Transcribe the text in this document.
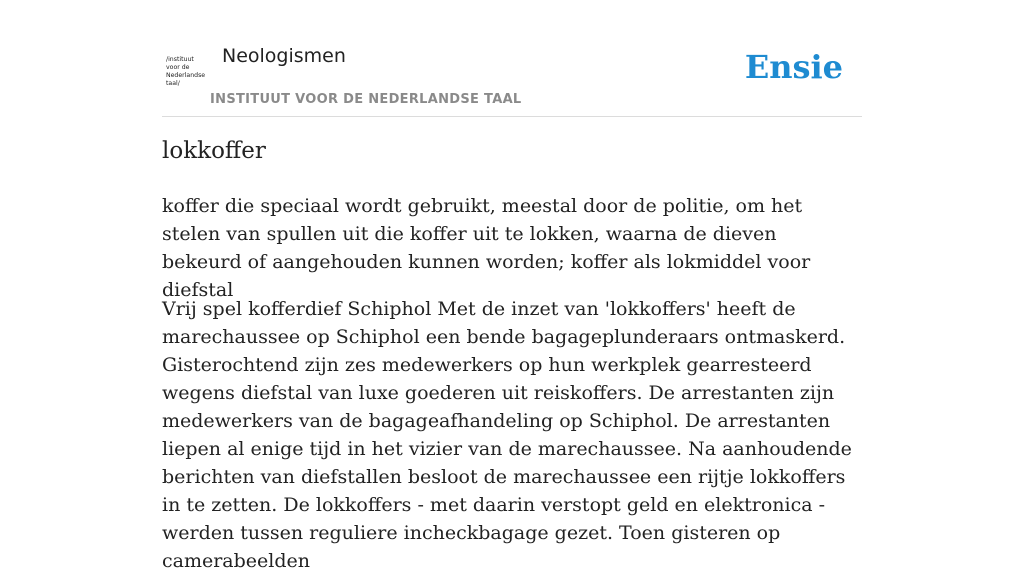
/instituut
voor de
Nederlandse
taal/
Neologismen
INSTITUUT VOOR DE NEDERLANDSE TAAL
Ensie
lokkoffer

koffer die speciaal wordt gebruikt, meestal door de politie, om het stelen van spullen uit die koffer uit te lokken, waarna de dieven bekeurd of aangehouden kunnen worden; koffer als lokmiddel voor diefstal

Vrij spel kofferdief Schiphol Met de inzet van 'lokkoffers' heeft de marechaussee op Schiphol een bende bagageplunderaars ontmaskerd. Gisterochtend zijn zes medewerkers op hun werkplek gearresteerd wegens diefstal van luxe goederen uit reiskoffers. De arrestanten zijn medewerkers van de bagageafhandeling op Schiphol. De arrestanten liepen al enige tijd in het vizier van de marechaussee. Na aanhoudende berichten van diefstallen besloot de marechaussee een rijtje lokkoffers in te zetten. De lokkoffers - met daarin verstopt geld en elektronica - werden tussen reguliere incheckbagage gezet. Toen gisteren op camerabeelden
